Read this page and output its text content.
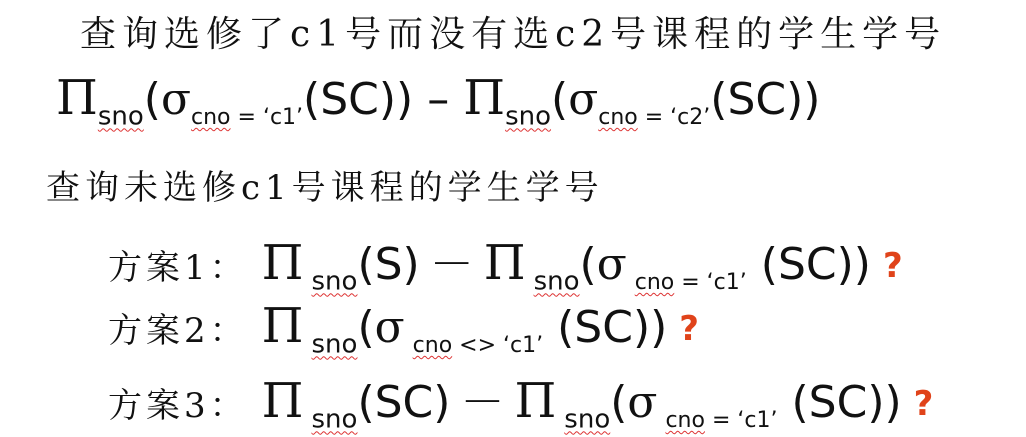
查询选修了c1号而没有选c2号课程的学生学号
$\Pi_{sno}(\sigma_{cno = ‘c1’}(SC)) - \Pi_{sno}(\sigma_{cno = ‘c2’}(SC))$
查询未选修c1号课程的学生学号
方案1： Π $_{sno}$(S) － Π $_{sno}$(σ $_{cno = ‘c1’}$ (SC)) ?
方案2： Π $_{sno}$(σ $_{cno <> ‘c1’}$ (SC)) ?
方案3： Π $_{sno}$(SC) － Π $_{sno}$(σ $_{cno = ‘c1’}$ (SC)) ?
